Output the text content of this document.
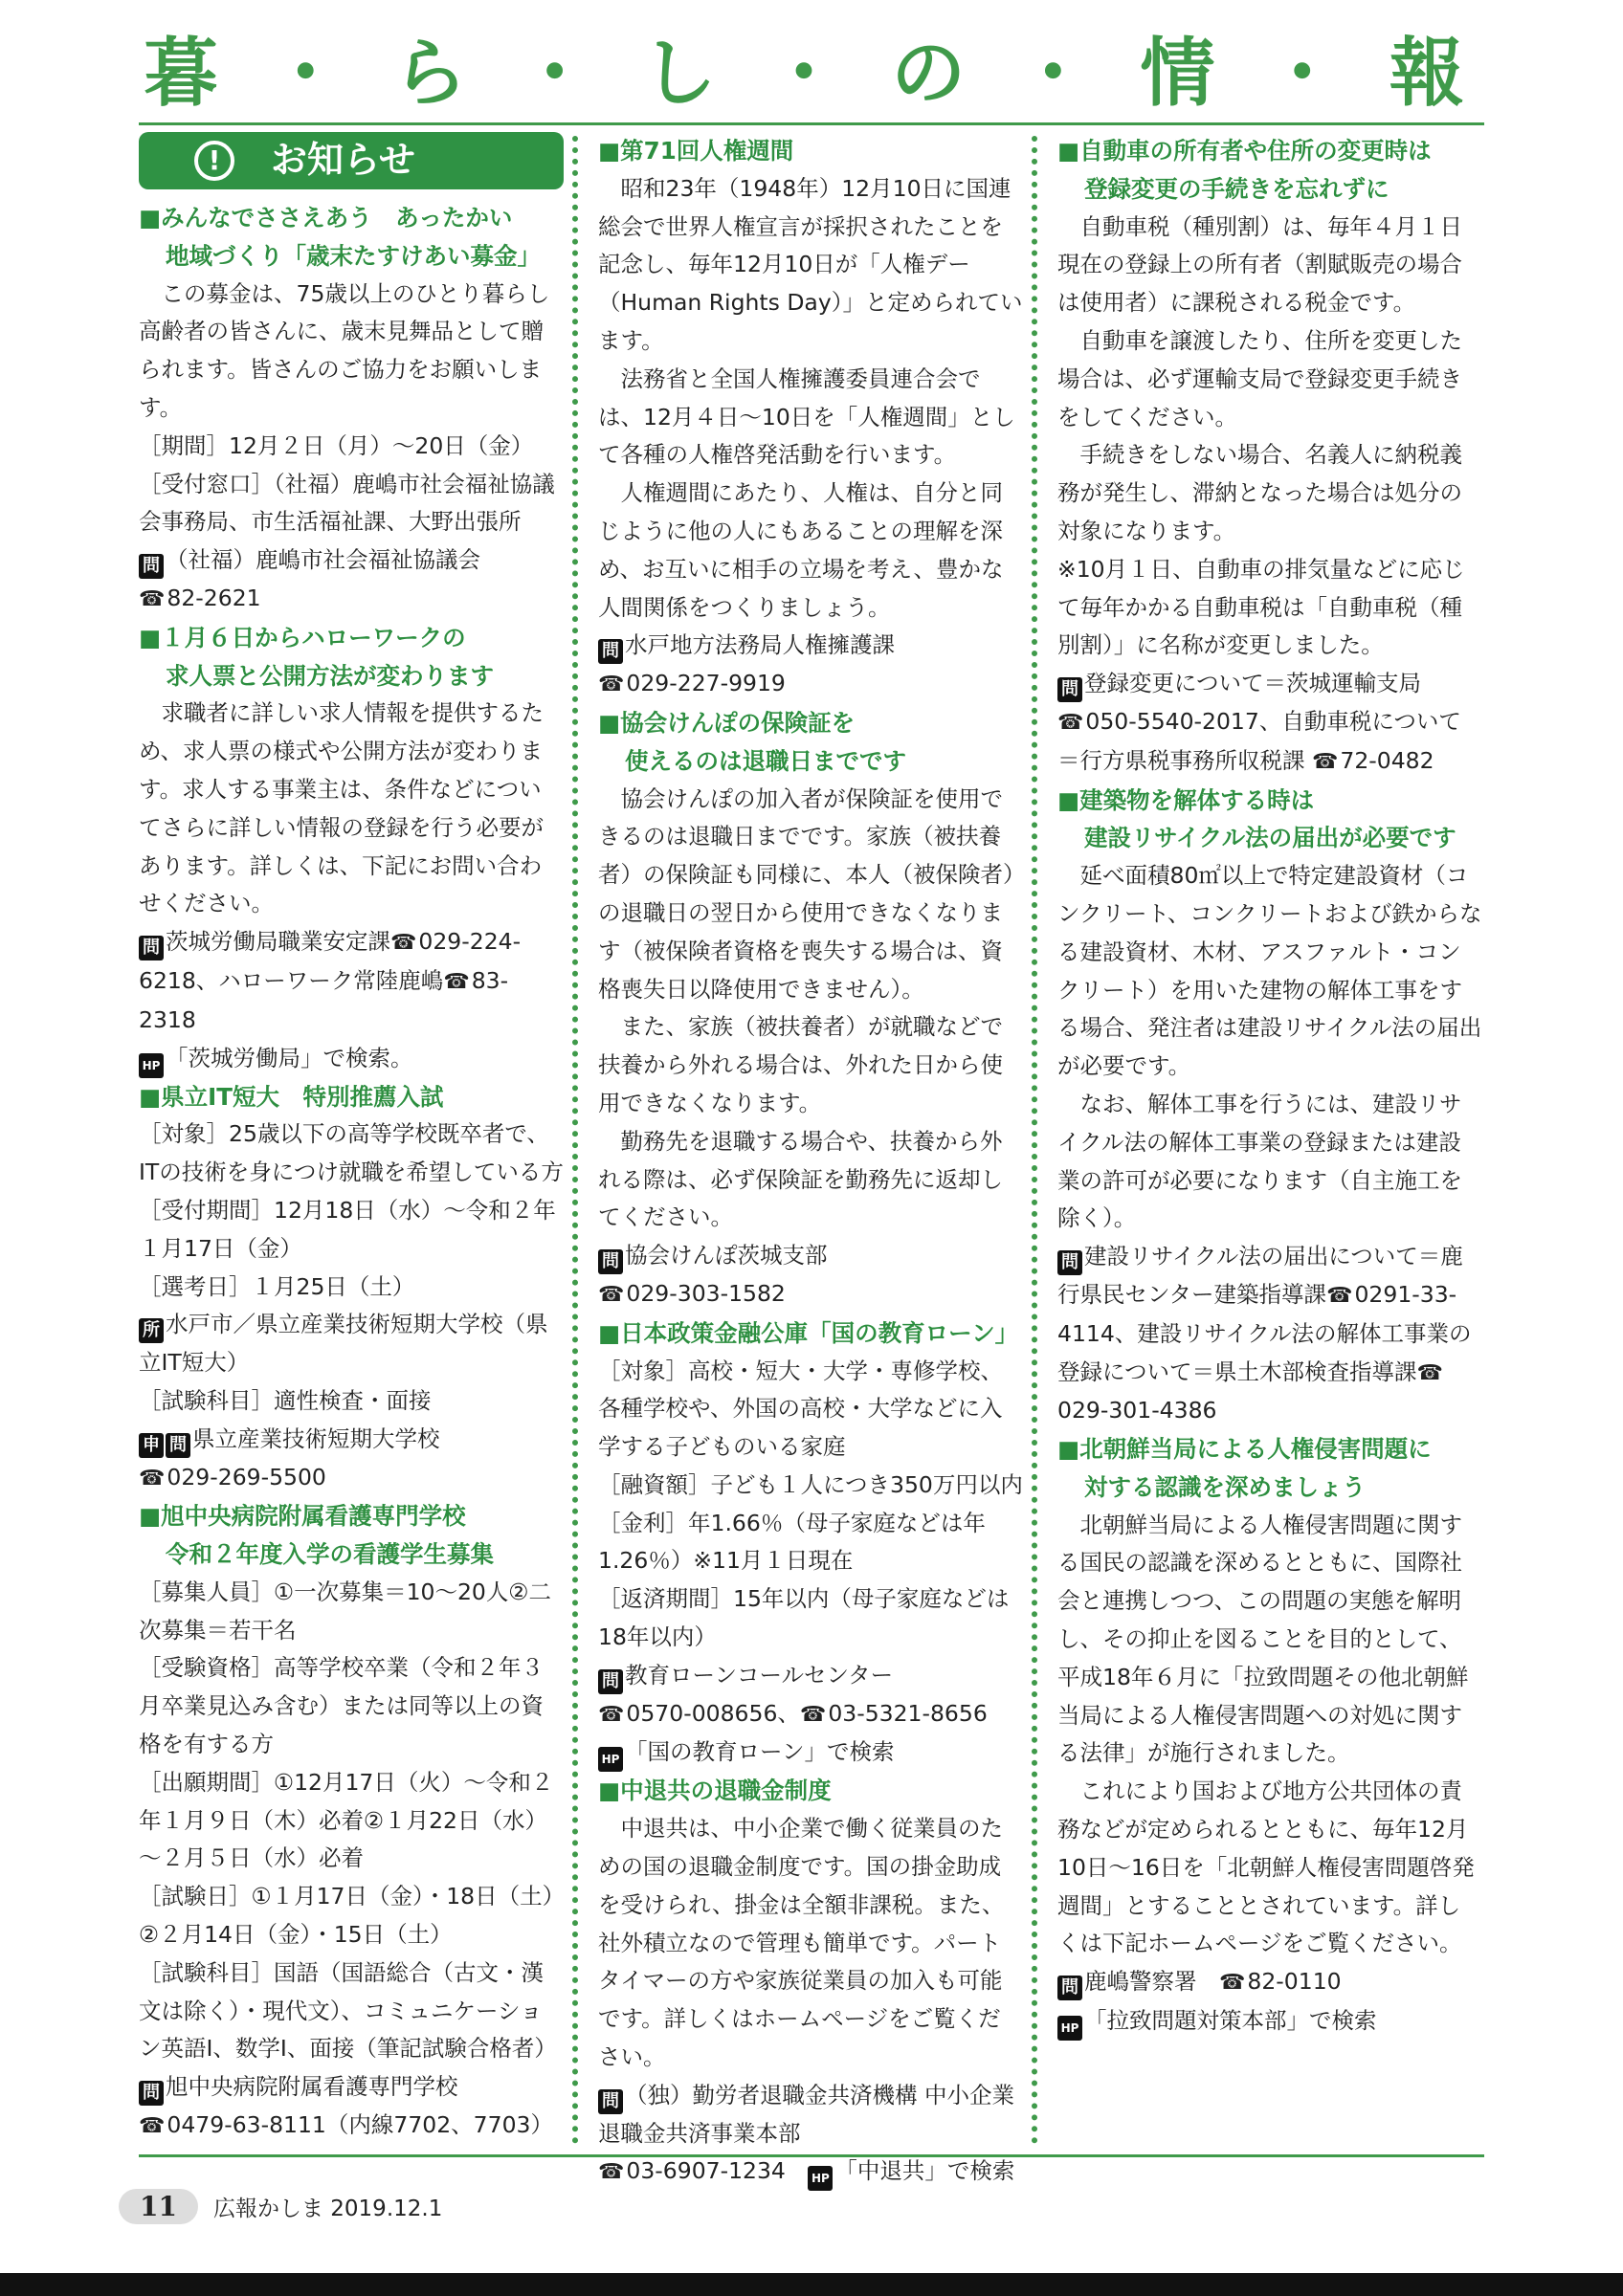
暮 ・ ら ・ し ・ の ・ 情 ・ 報
!	お知らせ
■みんなでささえあう　あったかい
地域づくり「歳末たすけあい募金」
この募金は、75歳以上のひとり暮らし高齢者の皆さんに、歳末見舞品として贈られます。皆さんのご協力をお願いします。
［期間］12月２日（月）～20日（金）
［受付窓口］（社福）鹿嶋市社会福祉協議会事務局、市生活福祉課、大野出張所
問 （社福）鹿嶋市社会福祉協議会
☎82-2621
■１月６日からハローワークの
求人票と公開方法が変わります
求職者に詳しい求人情報を提供するため、求人票の様式や公開方法が変わります。求人する事業主は、条件などについてさらに詳しい情報の登録を行う必要があります。詳しくは、下記にお問い合わせください。
問 茨城労働局職業安定課☎029-224-6218、ハローワーク常陸鹿嶋☎83-2318
HP 「茨城労働局」で検索。
■県立IT短大　特別推薦入試
［対象］25歳以下の高等学校既卒者で、ITの技術を身につけ就職を希望している方
［受付期間］12月18日（水）～令和２年１月17日（金）
［選考日］１月25日（土）
所 水戸市／県立産業技術短期大学校（県立IT短大）
［試験科目］適性検査・面接
申 問 県立産業技術短期大学校
☎029-269-5500
■旭中央病院附属看護専門学校
令和２年度入学の看護学生募集
［募集人員］①一次募集＝10～20人②二次募集＝若干名
［受験資格］高等学校卒業（令和２年３月卒業見込み含む）または同等以上の資格を有する方
［出願期間］①12月17日（火）～令和２年１月９日（木）必着②１月22日（水）～２月５日（水）必着
［試験日］①１月17日（金）・18日（土）②２月14日（金）・15日（土）
［試験科目］国語（国語総合（古文・漢文は除く）・現代文）、コミュニケーション英語Ⅰ、数学Ⅰ、面接（筆記試験合格者）
問 旭中央病院附属看護専門学校
☎0479-63-8111（内線7702、7703）
■第71回人権週間
昭和23年（1948年）12月10日に国連総会で世界人権宣言が採択されたことを記念し、毎年12月10日が「人権デー（Human Rights Day）」と定められています。
法務省と全国人権擁護委員連合会では、12月４日～10日を「人権週間」として各種の人権啓発活動を行います。
人権週間にあたり、人権は、自分と同じように他の人にもあることの理解を深め、お互いに相手の立場を考え、豊かな人間関係をつくりましょう。
問 水戸地方法務局人権擁護課
☎029-227-9919
■協会けんぽの保険証を
使えるのは退職日までです
協会けんぽの加入者が保険証を使用できるのは退職日までです。家族（被扶養者）の保険証も同様に、本人（被保険者）の退職日の翌日から使用できなくなります（被保険者資格を喪失する場合は、資格喪失日以降使用できません）。
また、家族（被扶養者）が就職などで扶養から外れる場合は、外れた日から使用できなくなります。
勤務先を退職する場合や、扶養から外れる際は、必ず保険証を勤務先に返却してください。
問 協会けんぽ茨城支部
☎029-303-1582
■日本政策金融公庫「国の教育ローン」
［対象］高校・短大・大学・専修学校、各種学校や、外国の高校・大学などに入学する子どものいる家庭
［融資額］子ども１人につき350万円以内
［金利］年1.66％（母子家庭などは年1.26％）※11月１日現在
［返済期間］15年以内（母子家庭などは18年以内）
問 教育ローンコールセンター
☎0570-008656、☎03-5321-8656
HP 「国の教育ローン」で検索
■中退共の退職金制度
中退共は、中小企業で働く従業員のための国の退職金制度です。国の掛金助成を受けられ、掛金は全額非課税。また、社外積立なので管理も簡単です。パートタイマーの方や家族従業員の加入も可能です。詳しくはホームページをご覧ください。
問 （独）勤労者退職金共済機構 中小企業退職金共済事業本部
☎03-6907-1234　 HP 「中退共」で検索
■自動車の所有者や住所の変更時は
登録変更の手続きを忘れずに
自動車税（種別割）は、毎年４月１日現在の登録上の所有者（割賦販売の場合は使用者）に課税される税金です。
自動車を譲渡したり、住所を変更した場合は、必ず運輸支局で登録変更手続きをしてください。
手続きをしない場合、名義人に納税義務が発生し、滞納となった場合は処分の対象になります。
※10月１日、自動車の排気量などに応じて毎年かかる自動車税は「自動車税（種別割）」に名称が変更しました。
問 登録変更について＝茨城運輸支局
☎050-5540-2017、自動車税について＝行方県税事務所収税課 ☎72-0482
■建築物を解体する時は
建設リサイクル法の届出が必要です
延べ面積80㎡以上で特定建設資材（コンクリート、コンクリートおよび鉄からなる建設資材、木材、アスファルト・コンクリート）を用いた建物の解体工事をする場合、発注者は建設リサイクル法の届出が必要です。
なお、解体工事を行うには、建設リサイクル法の解体工事業の登録または建設業の許可が必要になります（自主施工を除く）。
問 建設リサイクル法の届出について＝鹿行県民センター建築指導課☎0291-33-4114、建設リサイクル法の解体工事業の登録について＝県土木部検査指導課☎029-301-4386
■北朝鮮当局による人権侵害問題に
対する認識を深めましょう
北朝鮮当局による人権侵害問題に関する国民の認識を深めるとともに、国際社会と連携しつつ、この問題の実態を解明し、その抑止を図ることを目的として、平成18年６月に「拉致問題その他北朝鮮当局による人権侵害問題への対処に関する法律」が施行されました。
これにより国および地方公共団体の責務などが定められるとともに、毎年12月10日～16日を「北朝鮮人権侵害問題啓発週間」とすることとされています。詳しくは下記ホームページをご覧ください。
問 鹿嶋警察署　 ☎82-0110
HP 「拉致問題対策本部」で検索
11	広報かしま 2019.12.1
